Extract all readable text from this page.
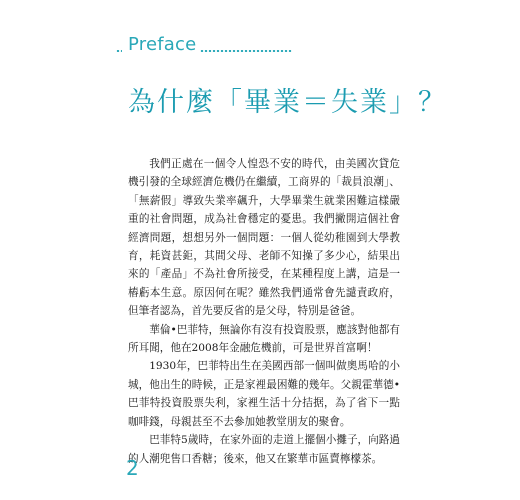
Preface
為什麼「畢業＝失業」？

我們正處在一個令人惶恐不安的時代，由美國次貸危機引發的全球經濟危機仍在繼續，工商界的「裁員浪潮」、「無薪假」導致失業率飆升，大學畢業生就業困難這樣嚴重的社會問題，成為社會穩定的憂患。我們撇開這個社會經濟問題，想想另外一個問題：一個人從幼稚園到大學教育，耗資甚鉅，其間父母、老師不知操了多少心，結果出來的「產品」不為社會所接受，在某種程度上講，這是一樁虧本生意。原因何在呢？雖然我們通常會先譴責政府，但筆者認為，首先要反省的是父母，特別是爸爸。

華倫•巴菲特，無論你有沒有投資股票，應該對他都有所耳聞，他在2008年金融危機前，可是世界首富啊！

1930年，巴菲特出生在美國西部一個叫做奧馬哈的小城，他出生的時候，正是家裡最困難的幾年。父親霍華德•巴菲特投資股票失利，家裡生活十分拮据，為了省下一點咖啡錢，母親甚至不去參加她教堂朋友的聚會。

巴菲特5歲時，在家外面的走道上擺個小攤子，向路過的人潮兜售口香糖；後來，他又在繁華市區賣檸檬茶。

2
